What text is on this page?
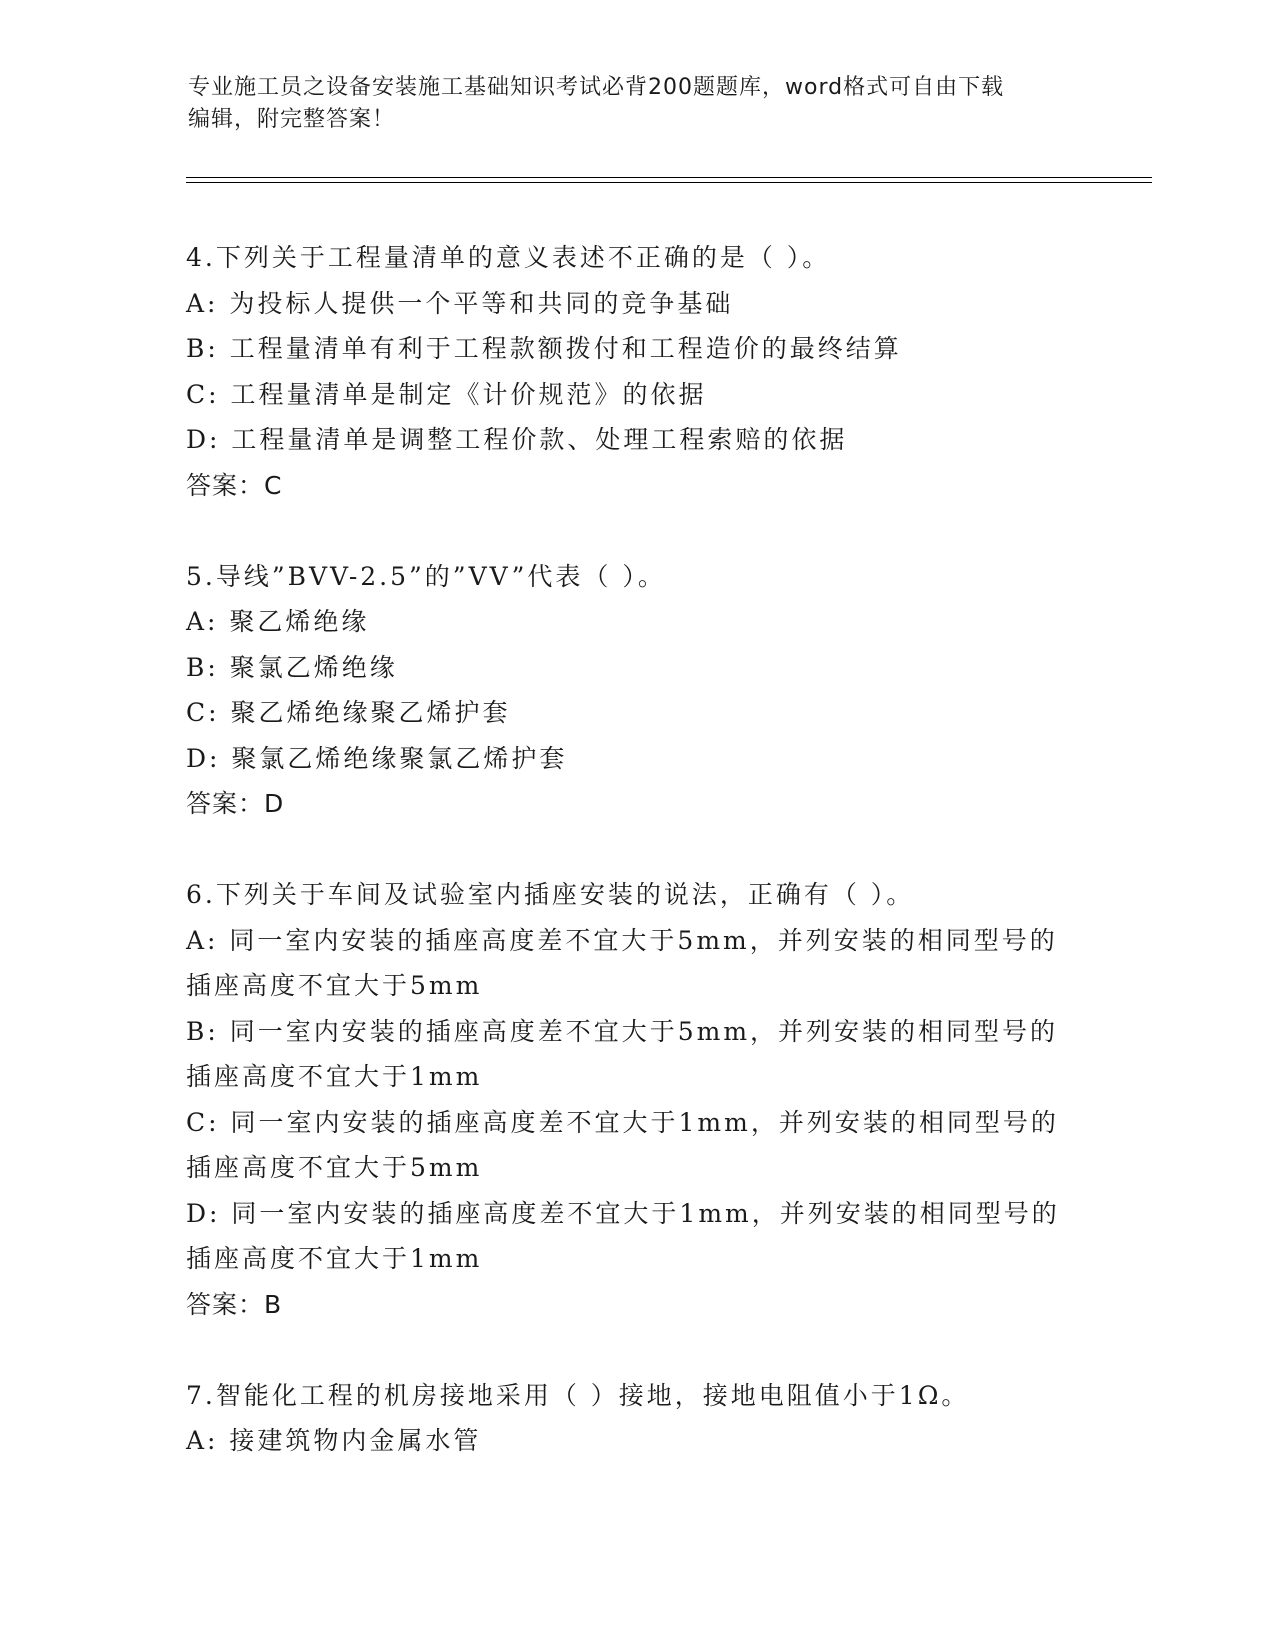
专业施工员之设备安装施工基础知识考试必背200题题库，word格式可自由下载
编辑，附完整答案！
4.下列关于工程量清单的意义表述不正确的是（ ）。
A: 为投标人提供一个平等和共同的竞争基础
B: 工程量清单有利于工程款额拨付和工程造价的最终结算
C: 工程量清单是制定《计价规范》的依据
D: 工程量清单是调整工程价款、处理工程索赔的依据
答案：C
5.导线”BVV-2.5”的”VV”代表（ ）。
A: 聚乙烯绝缘
B: 聚氯乙烯绝缘
C: 聚乙烯绝缘聚乙烯护套
D: 聚氯乙烯绝缘聚氯乙烯护套
答案：D
6.下列关于车间及试验室内插座安装的说法，正确有（ ）。
A: 同一室内安装的插座高度差不宜大于5mm，并列安装的相同型号的
插座高度不宜大于5mm
B: 同一室内安装的插座高度差不宜大于5mm，并列安装的相同型号的
插座高度不宜大于1mm
C: 同一室内安装的插座高度差不宜大于1mm，并列安装的相同型号的
插座高度不宜大于5mm
D: 同一室内安装的插座高度差不宜大于1mm，并列安装的相同型号的
插座高度不宜大于1mm
答案：B
7.智能化工程的机房接地采用（ ）接地，接地电阻值小于1Ω。
A: 接建筑物内金属水管
